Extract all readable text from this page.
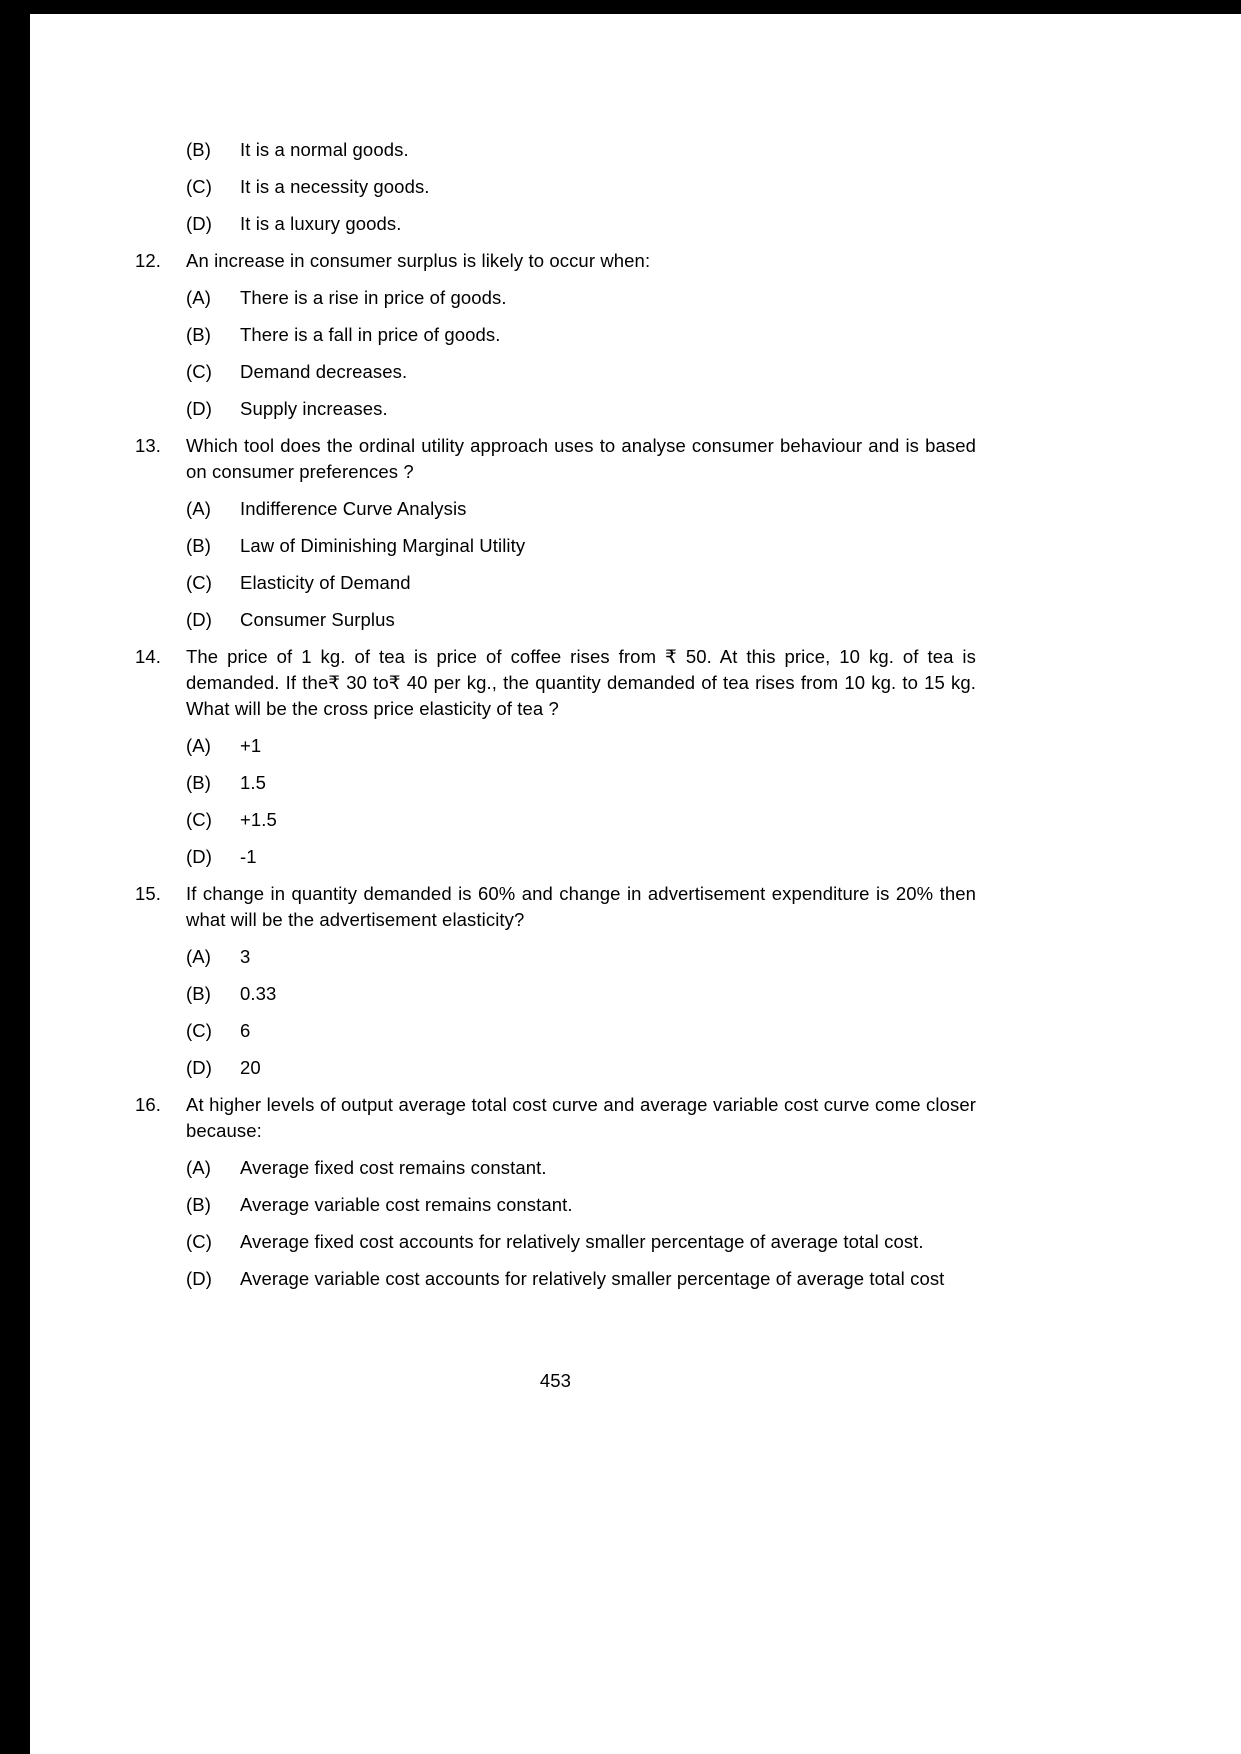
(B)	It is a normal goods.
(C)	It is a necessity goods.
(D)	It is a luxury goods.
12.	An increase in consumer surplus is likely to occur when:
(A)	There is a rise in price of goods.
(B)	There is a fall in price of goods.
(C)	Demand decreases.
(D)	Supply increases.
13.	Which tool does the ordinal utility approach uses to analyse consumer behaviour and is based on consumer preferences ?
(A)	Indifference Curve Analysis
(B)	Law of Diminishing Marginal Utility
(C)	Elasticity of Demand
(D)	Consumer Surplus
14.	The price of 1 kg. of tea is price of coffee rises from ₹ 50. At this price, 10 kg. of tea is demanded. If the₹ 30 to₹ 40 per kg., the quantity demanded of tea rises from 10 kg. to 15 kg. What will be the cross price elasticity of tea ?
(A)	+1
(B)	1.5
(C)	+1.5
(D)	-1
15.	If change in quantity demanded is 60% and change in advertisement expenditure is 20% then what will be the advertisement elasticity?
(A)	3
(B)	0.33
(C)	6
(D)	20
16.	At higher levels of output average total cost curve and average variable cost curve come closer because:
(A)	Average fixed cost remains constant.
(B)	Average variable cost remains constant.
(C)	Average fixed cost accounts for relatively smaller percentage of average total cost.
(D)	Average variable cost accounts for relatively smaller percentage of average total cost
453
